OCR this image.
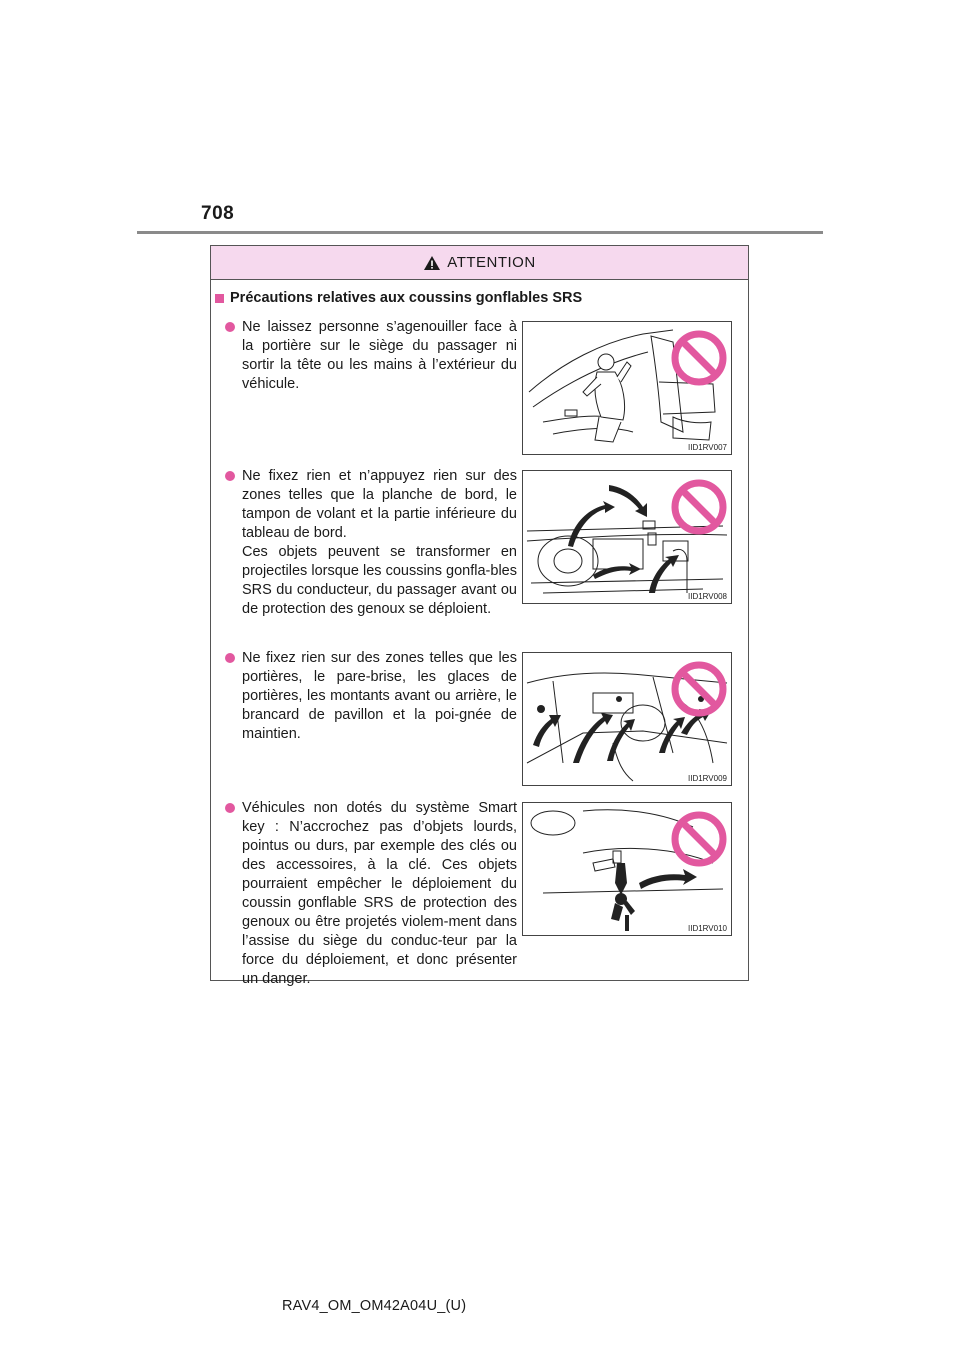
708
ATTENTION
Précautions relatives aux coussins gonflables SRS
Ne laissez personne s’agenouiller face à la portière sur le siège du passager ni sortir la tête ou les mains à l’extérieur du véhicule.
IID1RV007
Ne fixez rien et n’appuyez rien sur des zones telles que la planche de bord, le tampon de volant et la partie inférieure du tableau de bord.
Ces objets peuvent se transformer en projectiles lorsque les coussins gonfla-bles SRS du conducteur, du passager avant ou de protection des genoux se déploient.
IID1RV008
Ne fixez rien sur des zones telles que les portières, le pare-brise, les glaces de portières, les montants avant ou arrière, le brancard de pavillon et la poi-gnée de maintien.
IID1RV009
Véhicules non dotés du système Smart key : N’accrochez pas d’objets lourds, pointus ou durs, par exemple des clés ou des accessoires, à la clé. Ces objets pourraient empêcher le déploiement du coussin gonflable SRS de protection des genoux ou être projetés violem-ment dans l’assise du siège du conduc-teur par la force du déploiement, et donc présenter un danger.
IID1RV010
RAV4_OM_OM42A04U_(U)
